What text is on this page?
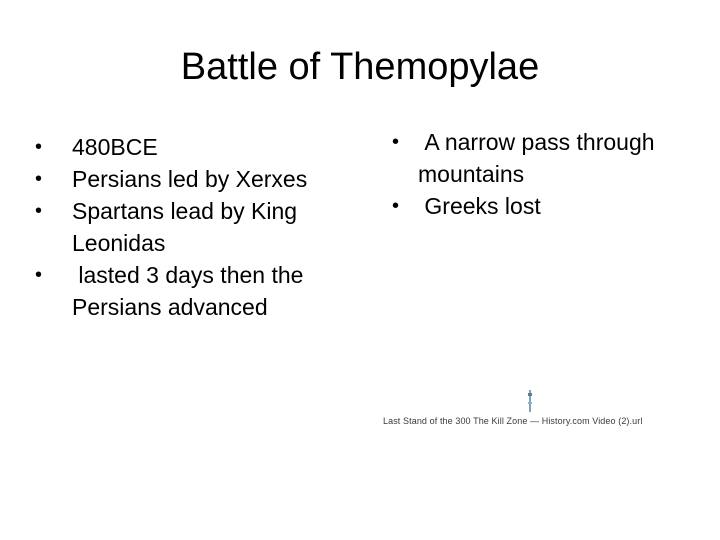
Battle of Themopylae
• 480BCE
• Persians led by Xerxes
• Spartans lead by King Leonidas
• lasted 3 days then the Persians advanced
• A narrow pass through mountains
• Greeks lost
Last Stand of the 300 The Kill Zone — History.com Video (2).url
